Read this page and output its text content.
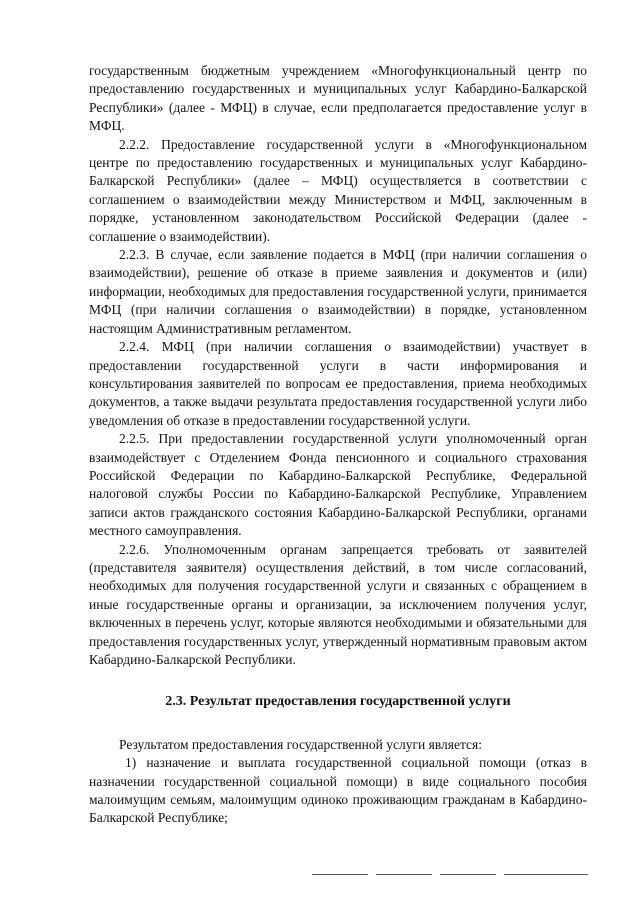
государственным бюджетным учреждением «Многофункциональный центр по предоставлению государственных и муниципальных услуг Кабардино-Балкарской Республики» (далее - МФЦ) в случае, если предполагается предоставление услуг в МФЦ.

2.2.2. Предоставление государственной услуги в «Многофункциональном центре по предоставлению государственных и муниципальных услуг Кабардино-Балкарской Республики» (далее – МФЦ) осуществляется в соответствии с соглашением о взаимодействии между Министерством и МФЦ, заключенным в порядке, установленном законодательством Российской Федерации (далее - соглашение о взаимодействии).

2.2.3. В случае, если заявление подается в МФЦ (при наличии соглашения о взаимодействии), решение об отказе в приеме заявления и документов и (или) информации, необходимых для предоставления государственной услуги, принимается МФЦ (при наличии соглашения о взаимодействии) в порядке, установленном настоящим Административным регламентом.

2.2.4. МФЦ (при наличии соглашения о взаимодействии) участвует в предоставлении государственной услуги в части информирования и консультирования заявителей по вопросам ее предоставления, приема необходимых документов, а также выдачи результата предоставления государственной услуги либо уведомления об отказе в предоставлении государственной услуги.

2.2.5. При предоставлении государственной услуги уполномоченный орган взаимодействует с Отделением Фонда пенсионного и социального страхования Российской Федерации по Кабардино-Балкарской Республике, Федеральной налоговой службы России по Кабардино-Балкарской Республике, Управлением записи актов гражданского состояния Кабардино-Балкарской Республики, органами местного самоуправления.

2.2.6. Уполномоченным органам запрещается требовать от заявителей (представителя заявителя) осуществления действий, в том числе согласований, необходимых для получения государственной услуги и связанных с обращением в иные государственные органы и организации, за исключением получения услуг, включенных в перечень услуг, которые являются необходимыми и обязательными для предоставления государственных услуг, утвержденный нормативным правовым актом Кабардино-Балкарской Республики.

2.3. Результат предоставления государственной услуги

Результатом предоставления государственной услуги является:

1) назначение и выплата государственной социальной помощи (отказ в назначении государственной социальной помощи) в виде социального пособия малоимущим семьям, малоимущим одиноко проживающим гражданам в Кабардино-Балкарской Республике;
